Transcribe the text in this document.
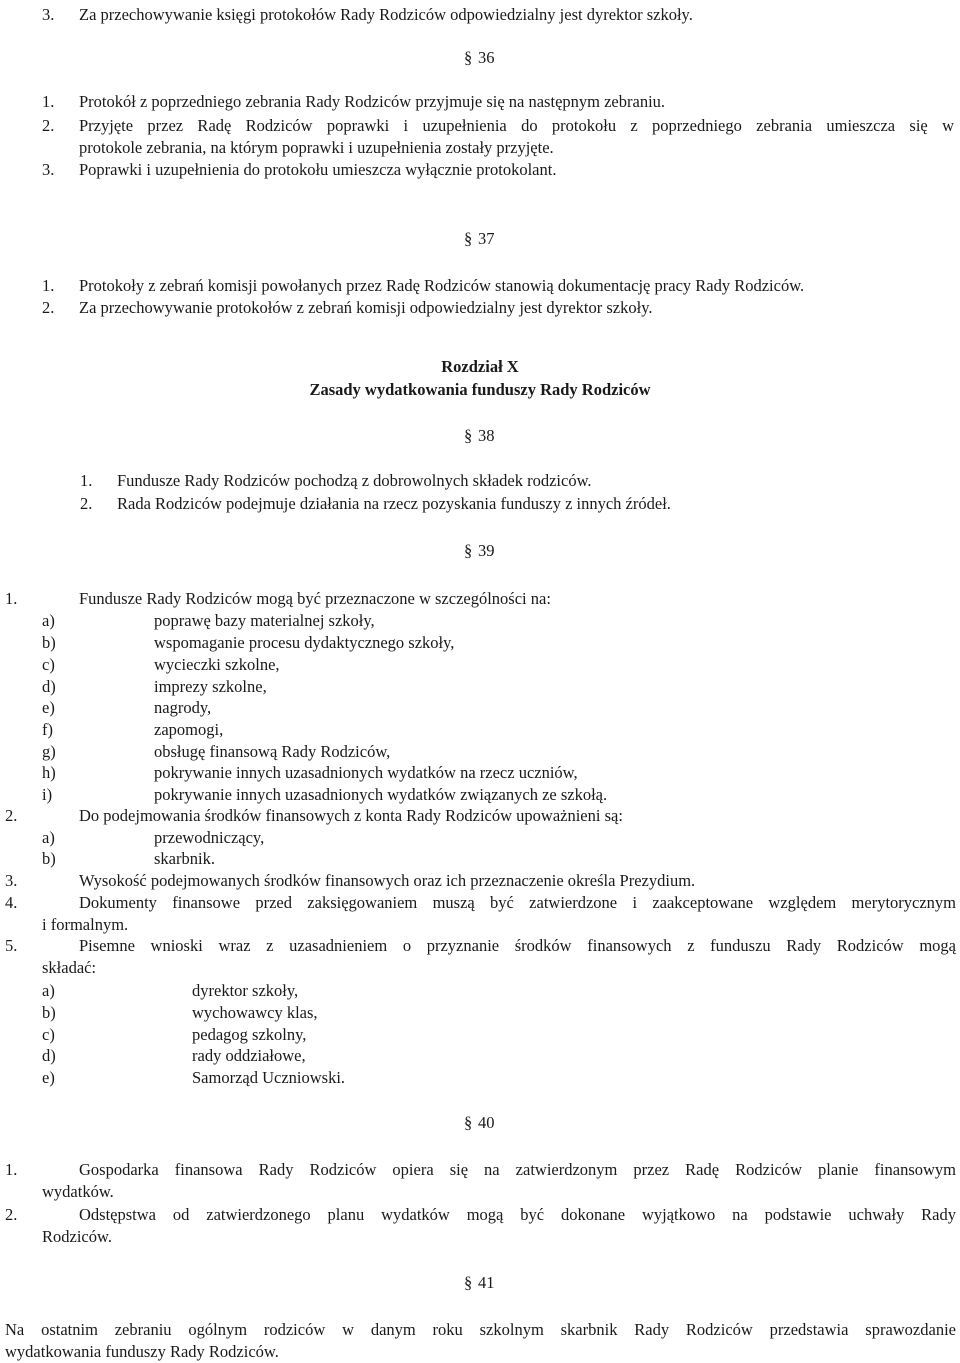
3. Za przechowywanie księgi protokołów Rady Rodziców odpowiedzialny jest dyrektor szkoły.
§ 36
1. Protokół z poprzedniego zebrania Rady Rodziców przyjmuje się na następnym zebraniu.
2. Przyjęte przez Radę Rodziców poprawki i uzupełnienia do protokołu z poprzedniego zebrania umieszcza się w
protokole zebrania, na którym poprawki i uzupełnienia zostały przyjęte.
3. Poprawki i uzupełnienia do protokołu umieszcza wyłącznie protokolant.
§ 37
1. Protokoły z zebrań komisji powołanych przez Radę Rodziców stanowią dokumentację pracy Rady Rodziców.
2. Za przechowywanie protokołów z zebrań komisji odpowiedzialny jest dyrektor szkoły.
Rozdział X
Zasady wydatkowania funduszy Rady Rodziców
§ 38
1. Fundusze Rady Rodziców pochodzą z dobrowolnych składek rodziców.
2. Rada Rodziców podejmuje działania na rzecz pozyskania funduszy z innych źródeł.
§ 39
1.	Fundusze Rady Rodziców mogą być przeznaczone w szczególności na:
a)	poprawę bazy materialnej szkoły,
b)	wspomaganie procesu dydaktycznego szkoły,
c)	wycieczki szkolne,
d)	imprezy szkolne,
e)	nagrody,
f)	zapomogi,
g)	obsługę finansową Rady Rodziców,
h)	pokrywanie innych uzasadnionych wydatków na rzecz uczniów,
i)	pokrywanie innych uzasadnionych wydatków związanych ze szkołą.
2.	Do podejmowania środków finansowych z konta Rady Rodziców upoważnieni są:
a)	przewodniczący,
b)	skarbnik.
3.	Wysokość podejmowanych środków finansowych oraz ich przeznaczenie określa Prezydium.
4.	Dokumenty finansowe przed zaksięgowaniem muszą być zatwierdzone i zaakceptowane względem merytorycznym
i formalnym.
5.	Pisemne wnioski wraz z uzasadnieniem o przyznanie środków finansowych z funduszu Rady Rodziców mogą
składać:
a)	dyrektor szkoły,
b)	wychowawcy klas,
c)	pedagog szkolny,
d)	rady oddziałowe,
e)	Samorząd Uczniowski.
§ 40
1.	Gospodarka finansowa Rady Rodziców opiera się na zatwierdzonym przez Radę Rodziców planie finansowym
wydatków.
2.	Odstępstwa od zatwierdzonego planu wydatków mogą być dokonane wyjątkowo na podstawie uchwały Rady
Rodziców.
§ 41
Na ostatnim zebraniu ogólnym rodziców w danym roku szkolnym skarbnik Rady Rodziców przedstawia sprawozdanie
wydatkowania funduszy Rady Rodziców.
